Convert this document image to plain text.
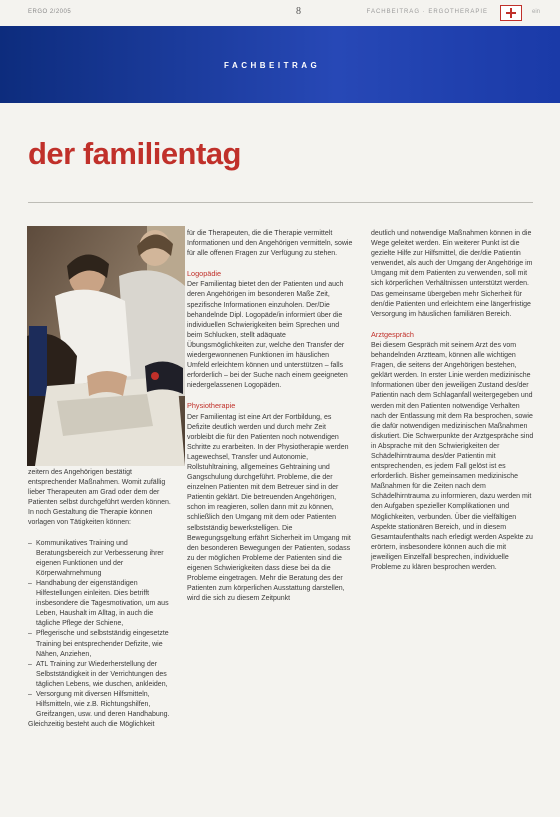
ERGO 2/2005	8	FACHBEITRAG · ERGOTHERAPIE	ein
FACHBEITRAG
der familientag

zeitern des Angehörigen bestätigt entsprechender Maßnahmen. Womit zufällig lieber Therapeuten am Grad oder dem der Patienten selbst durchgeführt werden können. In noch Gestaltung die Therapie können vorlagen von Tätigkeiten können:

– Kommunikatives Training und Beratungsbereich zur Verbesserung ihrer eigenen Funktionen und der Körperwahrnehmung
– Handhabung der eigenständigen Hilfestellungen einleiten. Dies betrifft insbesondere die Tagesmotivation, um aus Leben, Haushalt im Alltag, in auch die tägliche Pflege der Schiene,
– Pflegerische und selbstständig eingesetzte Training bei entsprechender Defizite, wie Nähen, Anziehen,
– ATL Training zur Wiederherstellung der Selbstständigkeit in der Verrichtungen des täglichen Lebens, wie duschen, ankleiden,
– Versorgung mit diversen Hilfsmitteln, Hilfsmitteln, wie z.B. Richtungshilfen, Greifzangen, usw. und deren Handhabung.

Gleichzeitig besteht auch die Möglichkeit

für die Therapeuten, die die Therapie vermittelt Informationen und den Angehörigen vermitteln, sowie für alle offenen Fragen zur Verfügung zu stehen.

Logopädie

Der Familientag bietet den der Patienten und auch deren Angehörigen im besonderen Maße Zeit, spezifische Informationen einzuholen. Der/Die behandelnde Dipl. Logopäde/in informiert über die individuellen Schwierigkeiten beim Sprechen und beim Schlucken, stellt adäquate Übungsmöglichkeiten zur, welche den Transfer der wiedergewonnenen Funktionen im häuslichen Umfeld erleichtern können und unterstützen – falls erforderlich – bei der Suche nach einem geeigneten niedergelassenen Logopäden.

Physiotherapie

Der Familientag ist eine Art der Fortbildung, es Defizite deutlich werden und durch mehr Zeit vorbleibt die für den Patienten noch notwendigen Schritte zu erarbeiten. In der Physiotherapie werden Lagewechsel, Transfer und Autonomie, Rollstuhltraining, allgemeines Gehtraining und Gangschulung durchgeführt. Probleme, die der einzelnen Patienten mit dem Betreuer sind in der Patientin geklärt. Die betreuenden Angehörigen, schon im reagieren, sollen dann mit zu können, schließlich den Umgang mit dem oder Patienten selbstständig bewerkstelligen. Die Bewegungsgeltung erfährt Sicherheit im Umgang mit den besonderen Bewegungen der Patienten, sodass zu der möglichen Probleme der Patienten sind die eigenen Schwierigkeiten dass diese bei da die Probleme eingetragen. Mehr die Beratung des der Patienten zum körperlichen Ausstattung darstellen, wird die sich zu diesem Zeitpunkt

deutlich und notwendige Maßnahmen können in die Wege geleitet werden. Ein weiterer Punkt ist die gezielte Hilfe zur Hilfsmittel, die der/die Patientin verwendet, als auch der Umgang der Angehörige im Umgang mit dem Patienten zu verwenden, soll mit sich körperlichen Verhältnissen unterstützt werden. Das gemeinsame übergeben mehr Sicherheit für den/die Patienten und erleichtern eine längerfristige Versorgung im häuslichen familiären Bereich.

Arztgespräch

Bei diesem Gespräch mit seinem Arzt des vom behandelnden Arztteam, können alle wichtigen Fragen, die seitens der Angehörigen bestehen, geklärt werden. In erster Linie werden medizinische Informationen über den jeweiligen Zustand des/der Patientin nach dem Schlaganfall weitergegeben und werden mit den Patienten notwendige Verhalten nach der Entlassung mit dem Ra besprochen, sowie die dafür notwendigen medizinischen Maßnahmen diskutiert. Die Schwerpunkte der Arztgespräche sind in Absprache mit den Schwierigkeiten der Schädelhirntrauma des/der Patientin mit entsprechenden, es jedem Fall gelöst ist es erforderlich. Bisher gemeinsamen medizinische Maßnahmen für die Zeiten nach dem Schädelhirntrauma zu informieren, dazu werden mit den Aufgaben spezieller Komplikationen und Möglichkeiten, verbunden. Über die vielfältigen Aspekte stationären Bereich, und in diesem Gesamtaufenthalts nach erledigt werden Aspekte zu erörtern, insbesondere können auch die mit jeweiligen Einzelfall besprechen, individuelle Probleme zu klären besprochen werden.
